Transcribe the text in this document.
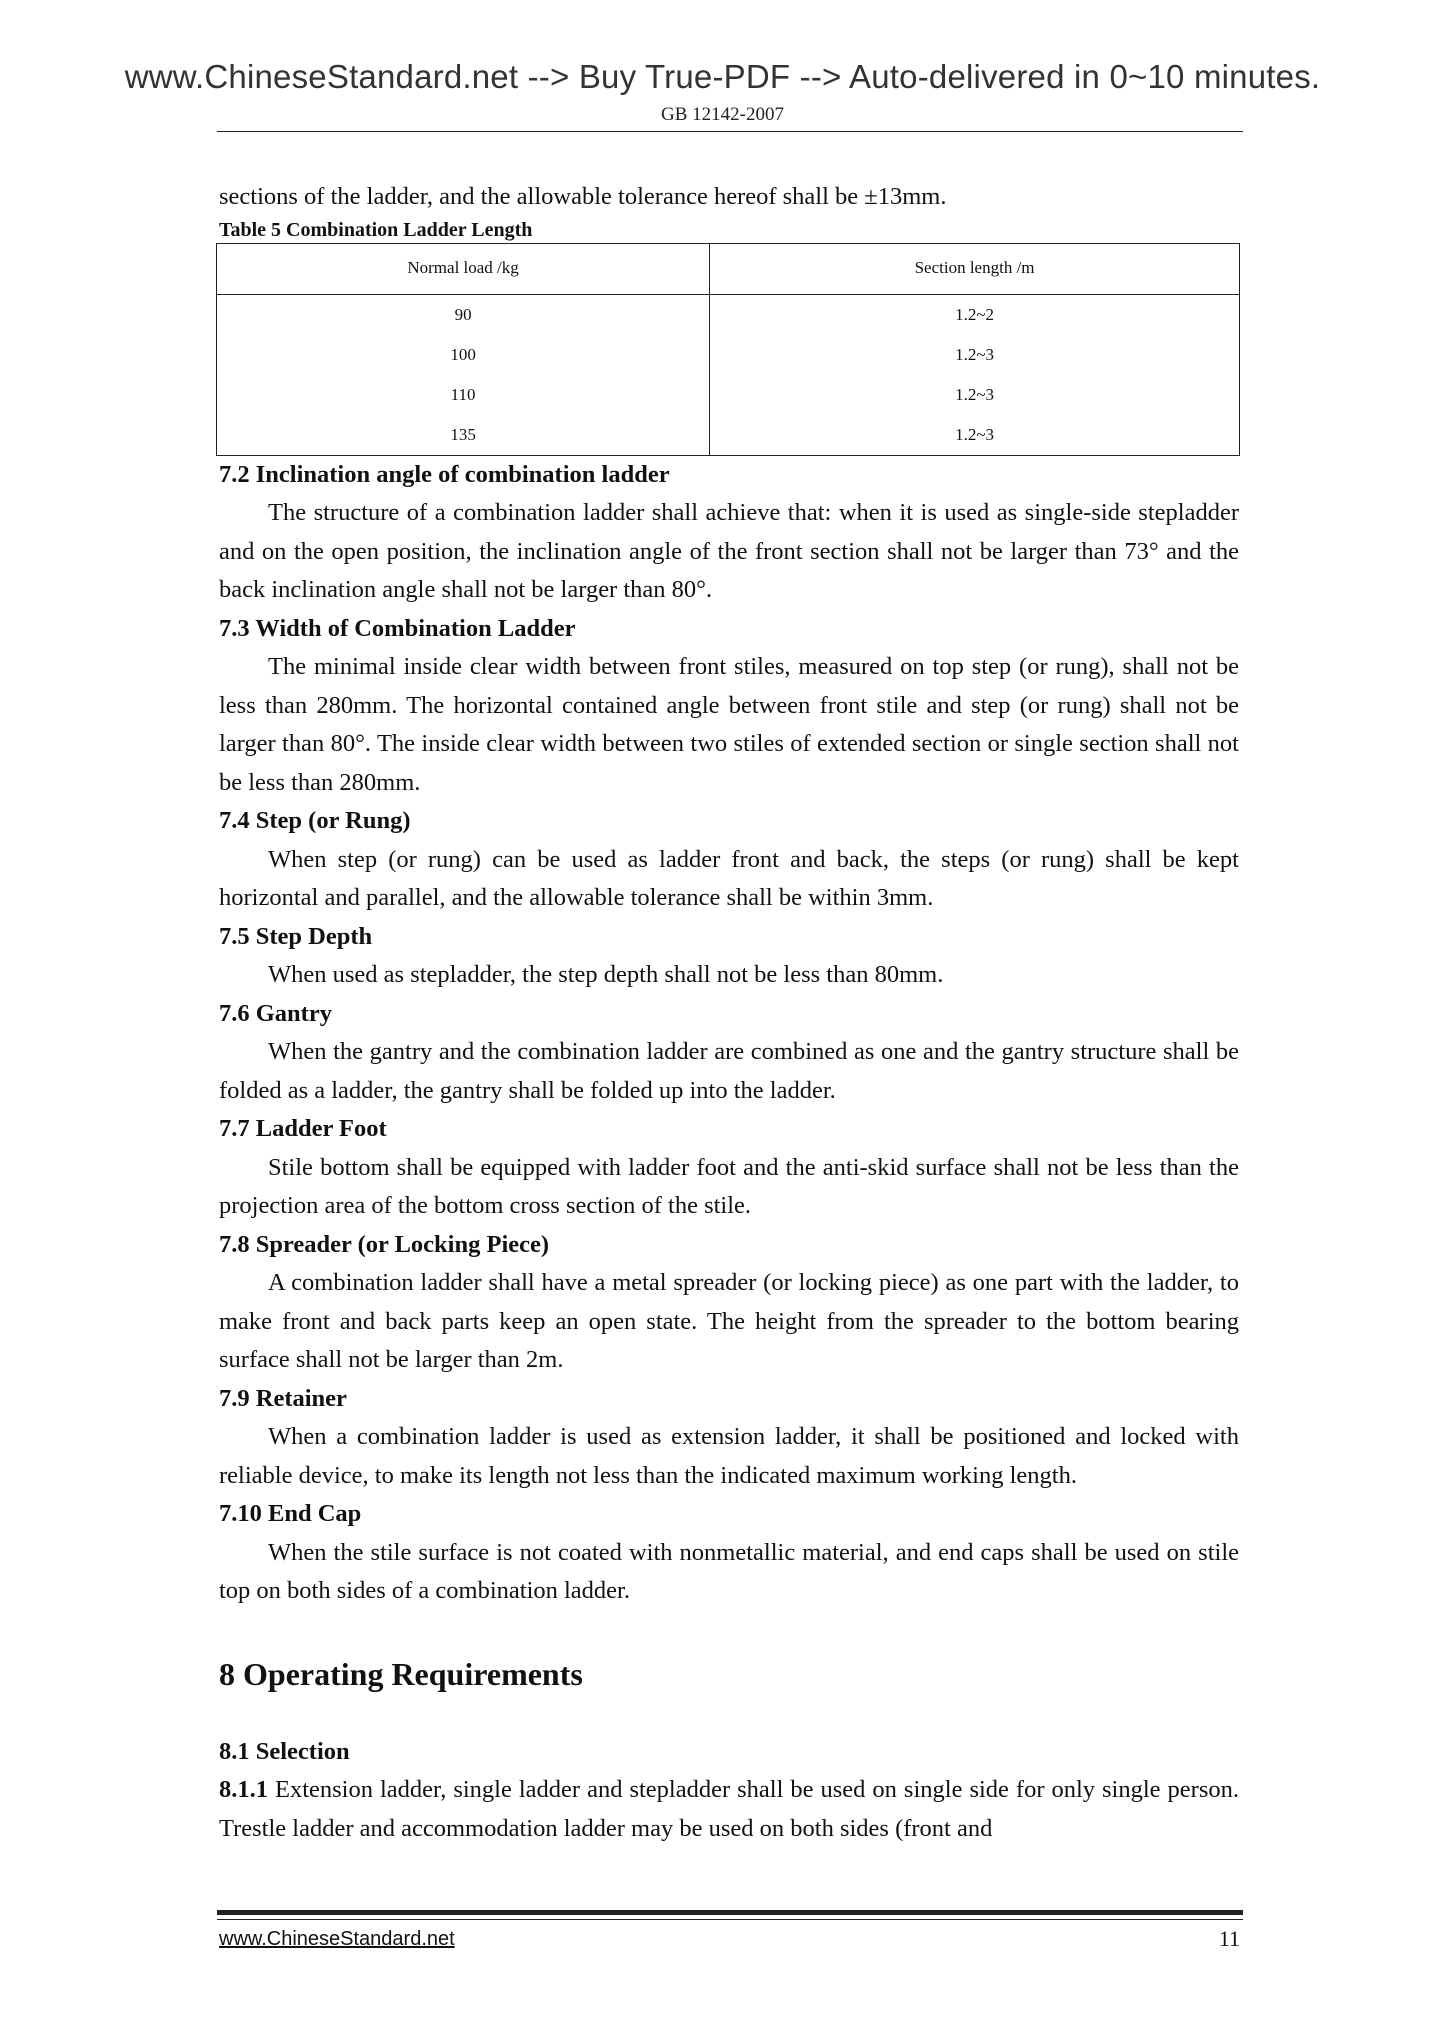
www.ChineseStandard.net --> Buy True-PDF --> Auto-delivered in 0~10 minutes.
GB 12142-2007

sections of the ladder, and the allowable tolerance hereof shall be ±13mm.

Table 5 Combination Ladder Length

Normal load /kg	Section length /m
90	1.2~2
100	1.2~3
110	1.2~3
135	1.2~3

7.2 Inclination angle of combination ladder

The structure of a combination ladder shall achieve that: when it is used as single-side stepladder and on the open position, the inclination angle of the front section shall not be larger than 73° and the back inclination angle shall not be larger than 80°.

7.3 Width of Combination Ladder

The minimal inside clear width between front stiles, measured on top step (or rung), shall not be less than 280mm. The horizontal contained angle between front stile and step (or rung) shall not be larger than 80°. The inside clear width between two stiles of extended section or single section shall not be less than 280mm.

7.4 Step (or Rung)

When step (or rung) can be used as ladder front and back, the steps (or rung) shall be kept horizontal and parallel, and the allowable tolerance shall be within 3mm.

7.5 Step Depth

When used as stepladder, the step depth shall not be less than 80mm.

7.6 Gantry

When the gantry and the combination ladder are combined as one and the gantry structure shall be folded as a ladder, the gantry shall be folded up into the ladder.

7.7 Ladder Foot

Stile bottom shall be equipped with ladder foot and the anti-skid surface shall not be less than the projection area of the bottom cross section of the stile.

7.8 Spreader (or Locking Piece)

A combination ladder shall have a metal spreader (or locking piece) as one part with the ladder, to make front and back parts keep an open state. The height from the spreader to the bottom bearing surface shall not be larger than 2m.

7.9 Retainer

When a combination ladder is used as extension ladder, it shall be positioned and locked with reliable device, to make its length not less than the indicated maximum working length.

7.10 End Cap

When the stile surface is not coated with nonmetallic material, and end caps shall be used on stile top on both sides of a combination ladder.

8 Operating Requirements

8.1 Selection

8.1.1 Extension ladder, single ladder and stepladder shall be used on single side for only single person. Trestle ladder and accommodation ladder may be used on both sides (front and

www.ChineseStandard.net	11
